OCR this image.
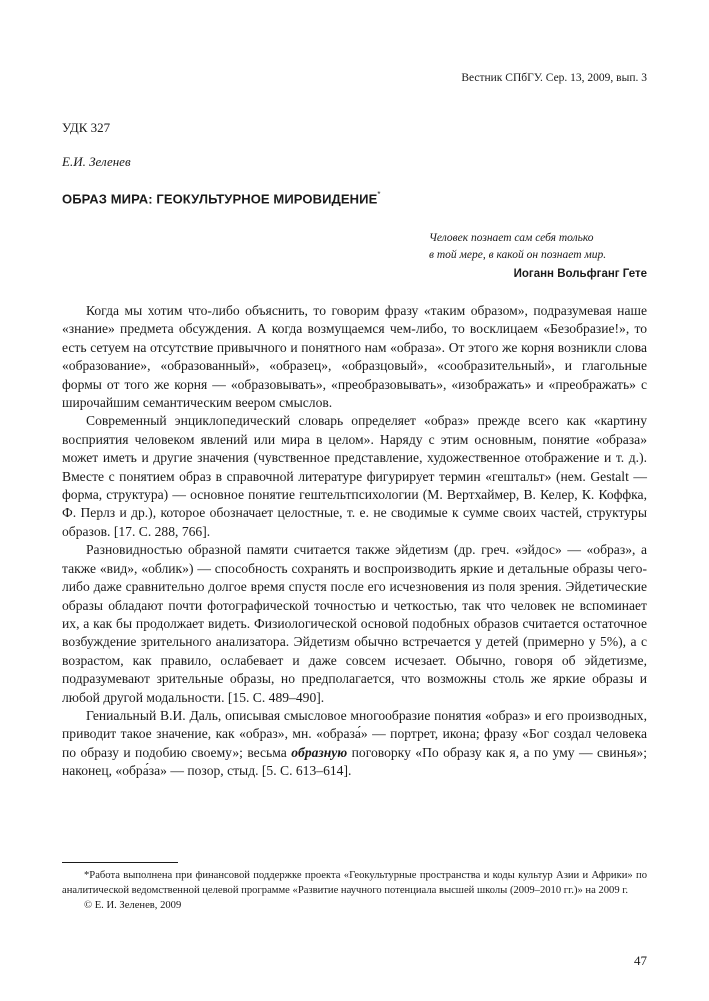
Вестник СПбГУ. Сер. 13, 2009, вып. 3
УДК 327
Е.И. Зеленев
ОБРАЗ МИРА: ГЕОКУЛЬТУРНОЕ МИРОВИДЕНИЕ*
Человек познает сам себя только
в той мере, в какой он познает мир.
Иоганн Вольфганг Гете

Когда мы хотим что-либо объяснить, то говорим фразу «таким образом», подразумевая наше «знание» предмета обсуждения. А когда возмущаемся чем-либо, то восклицаем «Безобразие!», то есть сетуем на отсутствие привычного и понятного нам «образа». От этого же корня возникли слова «образование», «образованный», «образец», «образцовый», «сообразительный», и глагольные формы от того же корня — «образовывать», «преобразовывать», «изображать» и «преображать» с широчайшим семантическим веером смыслов.

Современный энциклопедический словарь определяет «образ» прежде всего как «картину восприятия человеком явлений или мира в целом». Наряду с этим основным, понятие «образа» может иметь и другие значения (чувственное представление, художественное отображение и т. д.). Вместе с понятием образ в справочной литературе фигурирует термин «гештальт» (нем. Gestalt — форма, структура) — основное понятие гештельтпсихологии (М. Вертхаймер, В. Келер, К. Коффка, Ф. Перлз и др.), которое обозначает целостные, т. е. не сводимые к сумме своих частей, структуры образов. [17. С. 288, 766].

Разновидностью образной памяти считается также эйдетизм (др. греч. «эйдос» — «образ», а также «вид», «облик») — способность сохранять и воспроизводить яркие и детальные образы чего-либо даже сравнительно долгое время спустя после его исчезновения из поля зрения. Эйдетические образы обладают почти фотографической точностью и четкостью, так что человек не вспоминает их, а как бы продолжает видеть. Физиологической основой подобных образов считается остаточное возбуждение зрительного анализатора. Эйдетизм обычно встречается у детей (примерно у 5%), а с возрастом, как правило, ослабевает и даже совсем исчезает. Обычно, говоря об эйдетизме, подразумевают зрительные образы, но предполагается, что возможны столь же яркие образы и любой другой модальности. [15. С. 489–490].

Гениальный В.И. Даль, описывая смысловое многообразие понятия «образ» и его производных, приводит такое значение, как «образ», мн. «образа́» — портрет, икона; фразу «Бог создал человека по образу и подобию своему»; весьма образную поговорку «По образу как я, а по уму — свинья»; наконец, «обра́за» — позор, стыд. [5. С. 613–614].

*Работа выполнена при финансовой поддержке проекта «Геокультурные пространства и коды культур Азии и Африки» по аналитической ведомственной целевой программе «Развитие научного потенциала высшей школы (2009–2010 гг.)» на 2009 г.

© Е. И. Зеленев, 2009

47
